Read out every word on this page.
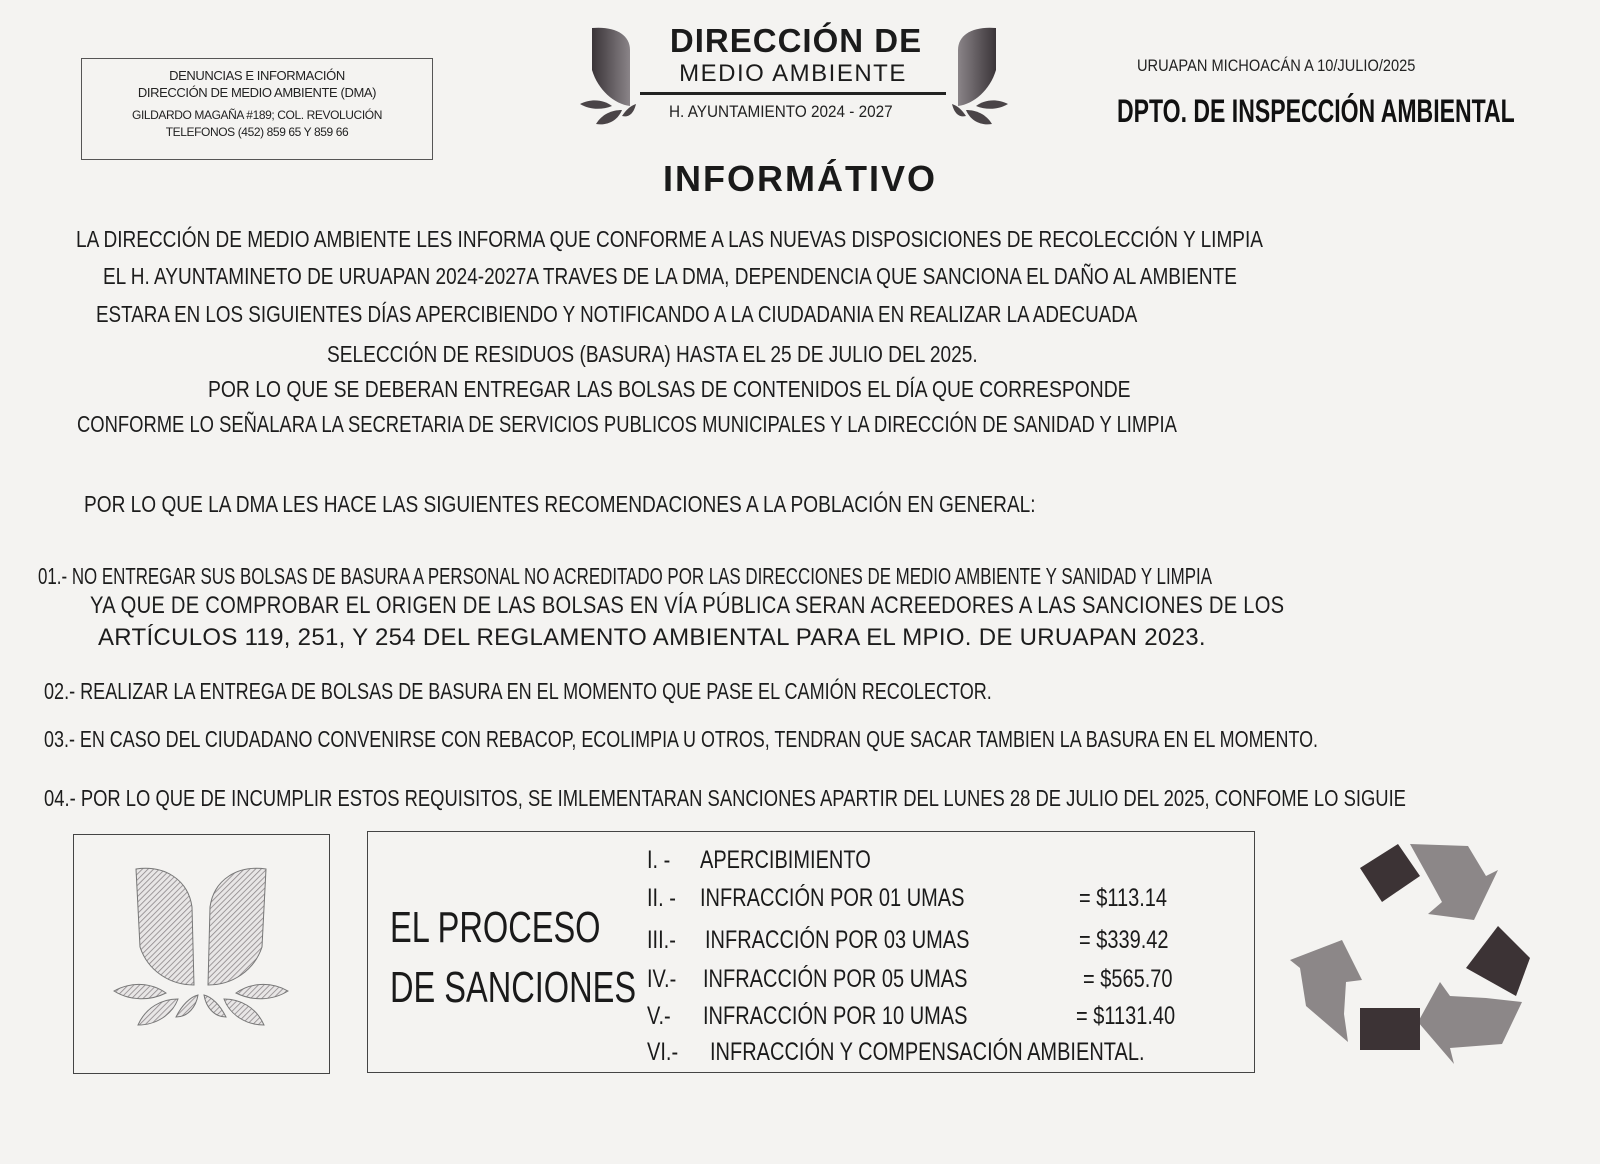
DENUNCIAS E INFORMACIÓN
DIRECCIÓN DE MEDIO AMBIENTE (DMA)
GILDARDO MAGAÑA #189; COL. REVOLUCIÓN
TELEFONOS (452) 859 65 Y 859 66
DIRECCIÓN DE
MEDIO AMBIENTE
H. AYUNTAMIENTO 2024 - 2027
URUAPAN MICHOACÁN A 10/JULIO/2025
DPTO. DE INSPECCIÓN AMBIENTAL
INFORMÁTIVO
LA DIRECCIÓN DE MEDIO AMBIENTE LES INFORMA QUE CONFORME A LAS NUEVAS DISPOSICIONES DE RECOLECCIÓN Y LIMPIA
EL H. AYUNTAMINETO DE URUAPAN 2024-2027A TRAVES DE LA DMA, DEPENDENCIA QUE SANCIONA EL DAÑO AL AMBIENTE
ESTARA EN LOS SIGUIENTES DÍAS APERCIBIENDO Y NOTIFICANDO A LA CIUDADANIA EN REALIZAR LA ADECUADA
SELECCIÓN DE RESIDUOS (BASURA) HASTA EL 25 DE JULIO DEL 2025.
POR LO QUE SE DEBERAN ENTREGAR LAS BOLSAS DE CONTENIDOS EL DÍA QUE CORRESPONDE
CONFORME LO SEÑALARA LA SECRETARIA DE SERVICIOS PUBLICOS MUNICIPALES Y LA DIRECCIÓN DE SANIDAD Y LIMPIA
POR LO QUE LA DMA LES HACE LAS SIGUIENTES RECOMENDACIONES A LA POBLACIÓN EN GENERAL:
01.- NO ENTREGAR SUS BOLSAS DE BASURA A PERSONAL NO ACREDITADO POR LAS DIRECCIONES DE MEDIO AMBIENTE Y SANIDAD Y LIMPIA
YA QUE DE COMPROBAR EL ORIGEN DE LAS BOLSAS EN VÍA PÚBLICA SERAN ACREEDORES A LAS SANCIONES DE LOS
ARTÍCULOS 119, 251, Y 254 DEL REGLAMENTO AMBIENTAL PARA EL MPIO. DE URUAPAN 2023.
02.- REALIZAR LA ENTREGA DE BOLSAS DE BASURA EN EL MOMENTO QUE PASE EL CAMIÓN RECOLECTOR.
03.- EN CASO DEL CIUDADANO CONVENIRSE CON REBACOP, ECOLIMPIA U OTROS, TENDRAN QUE SACAR TAMBIEN LA BASURA EN EL MOMENTO.
04.- POR LO QUE DE INCUMPLIR ESTOS REQUISITOS, SE IMLEMENTARAN SANCIONES APARTIR DEL LUNES 28 DE JULIO DEL 2025, CONFOME LO SIGUIE
EL PROCESO
DE SANCIONES
I. - APERCIBIMIENTO
II. - INFRACCIÓN POR 01 UMAS	= $113.14
III.- INFRACCIÓN POR 03 UMAS	= $339.42
IV.- INFRACCIÓN POR 05 UMAS	= $565.70
V.- INFRACCIÓN POR 10 UMAS	= $1131.40
VI.-	INFRACCIÓN Y COMPENSACIÓN AMBIENTAL.
